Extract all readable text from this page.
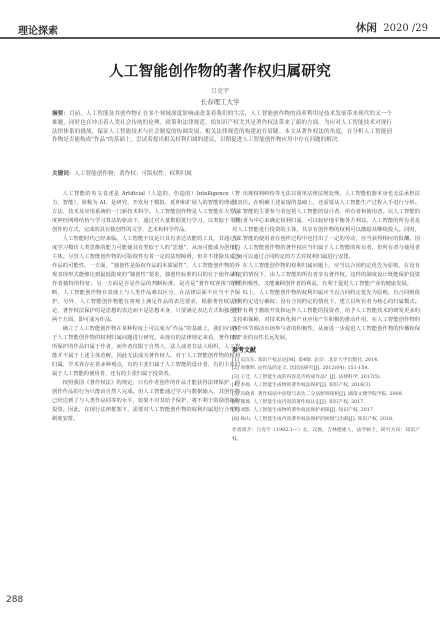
理论探索	休闲 2020 /29
人工智能创作物的著作权归属研究
吕克宇
长春理工大学
摘要：目前，人工智能及其创作物正在多个领域深度影响或改变着我们的生活，人工智能创作物的商业利用是技术发展带来现代的又一个难题，同时也在冲击着人类社会传统的伦理、政策和法律规范。给知识产权尤其是著作权法带来了新的方面。为应对人工智能技术对现行法律体系的挑战，保证人工智能技术与社会制度的协调发展，相关法律规范的构建迫在眉睫。本文从著作权法的角度，在分析人工智能创作物是否能构成“作品”的基础上，尝试着提出相关权利归属的建议，以期促进人工智能创作物应用中存在问题的解决。
关键词：人工智能创作物；著作权；可版权性；权利归属

人工智能的英文表述是 Artificial（人造的、仿造的）Intelligence（智力、智能），简称为 AI，是研究、开发用于模拟、延伸和扩展人的智能的理论、方法、技术及应用系统的一门新技术科学。人工智能创作物是人工智能在大型深度神经网络结构与学习算法的驱动下，通过对大量数据进行学习，以类似于人类创作的方式，完成的具有独创性的文学、艺术和科学作品。

人工智能时代已经来临。人工智能不仅是只具有表达功能的工具，其通过深度学习模仿人类思维的能力可能使其有类似于人的“思想”，从而可能成为创作的主体。尽管人工智能创作物的可版权性有着一定的法理障碍，但并不排除其成为作品的可能性。一方面，“独创性是版权作品的本质属性”，人工智能创作物的外观表现形式能够达到最低限度的“独创性”要求，独创性标准的目的在于使作品有作者独特的特征；另一方面是否是作品的判断标准，是否是“著作权客体”的判断，人工智能创作物在表现上与人类作品难以区分，在法律层面不应当不予保护。另外，人工智能创作物能在客观上满足作品的表达要求，根据著作权法理论，著作权法保护的是思想的表达而不是思想本身，只要满足表达方式和独创性两个方面，即可成为作品。

确立了人工智能创作物在某种程度上可以成为“作品”的基础上，我们应该对于人工智能创作物的权利归属问题进行研究。从现有的法律规定来看，著作权法所保护的作品归属于作者，而作者仅限于自然人、法人或者非法人组织，人工智能并不属于上述主体范畴，因此无法成为著作权人。对于人工智能创作物的权利归属，学术界存在着多种观点，有的主张归属于人工智能的设计者，有的主张归属于人工智能的使用者，还有的主张归属于投资者。

按照我国《著作权法》的规定，只有作者创作的作品才能获得法律保护，而创作作品的行为只能由自然人完成。但人工智能通过学习与数据输入，其创作物已经达到了与人类作品同等的水平，如果不对其给予保护，将不利于鼓励创新和投资。因此，在现行法律框架下，需要对人工智能创作物的权利归属进行合理的制度安排。

出现权利纠纷等无法以简单法律法规处理，人工智能机器本身也无法承担法律责任。在明确上述前提的基础上，还需要从人工智能生产过程入手进行分析。人工智能的主要参与者包括人工智能的设计者、所有者和使用者。以人工智能的所有者为中心来确定权利归属，可以较好地平衡各方利益。人工智能的所有者是对人工智能进行投资的主体，其享有创作物的权利可以激励其继续投入。同时，人工智能的使用者在创作过程中也付出了一定的劳动，应当获得相应的报酬。因此，人工智能创作物的著作权应当归属于人工智能的所有者，但所有者与使用者之间可以通过合同约定的方式对权利归属进行安排。

在人工智能创作物的权利归属问题上，应当以合同约定优先为原则，在没有约定的情况下，由人工智能的所有者享有著作权。这样的制度设计既能保护投资者的积极性，又能兼顾创作者的利益，有利于促进人工智能产业的健康发展。

综上，人工智能创作物的权利归属应当以合同约定优先为原则，有合同则依合同约定进行确权；没有合同约定的情况下，建立以所有者为核心的归属模式。这样有利于激励开发和运作人工智能的投资者，给予人工智能技术的研发更多的支持和保障，对技术转化和产业应用产生积极的推动作用，在人工智能创作物的各个环节调动市场参与者的积极性，从而进一步促进人工智能创作物的传播和保护产业的良性长远发展。

参考文献
[1] 吴汉东. 知识产权总论[M]. 第4版. 北京：北京大学出版社, 2014.
[2] 易继明. 论作品的定义. 比较法研究[J]. 2012(04): 151-154.
[3] 王迁. 人工智能生成的内容是否构成作品？[J]. 法律科学, 2017(5).
[4] 李扬. 人工智能生成物的著作权法保护[J]. 知识产权, 2016(3).
[5] 冯晓青. 著作权法中思想与表达二分法原则探析[J]. 湖南文理学院学报, 2008.
[6] 熊琦. 人工智能生成内容的著作权认定[J]. 知识产权, 2017.
[7] 刘影. 人工智能生成物的著作权法保护初探[J]. 知识产权, 2017.
[8] 孙山. 人工智能生成内容著作权法保护的困境与出路[J]. 知识产权, 2018.
作者简介：吕克宇（1992.1—）女，汉族，吉林德惠人，法学硕士，研究方向：知识产权。
288
